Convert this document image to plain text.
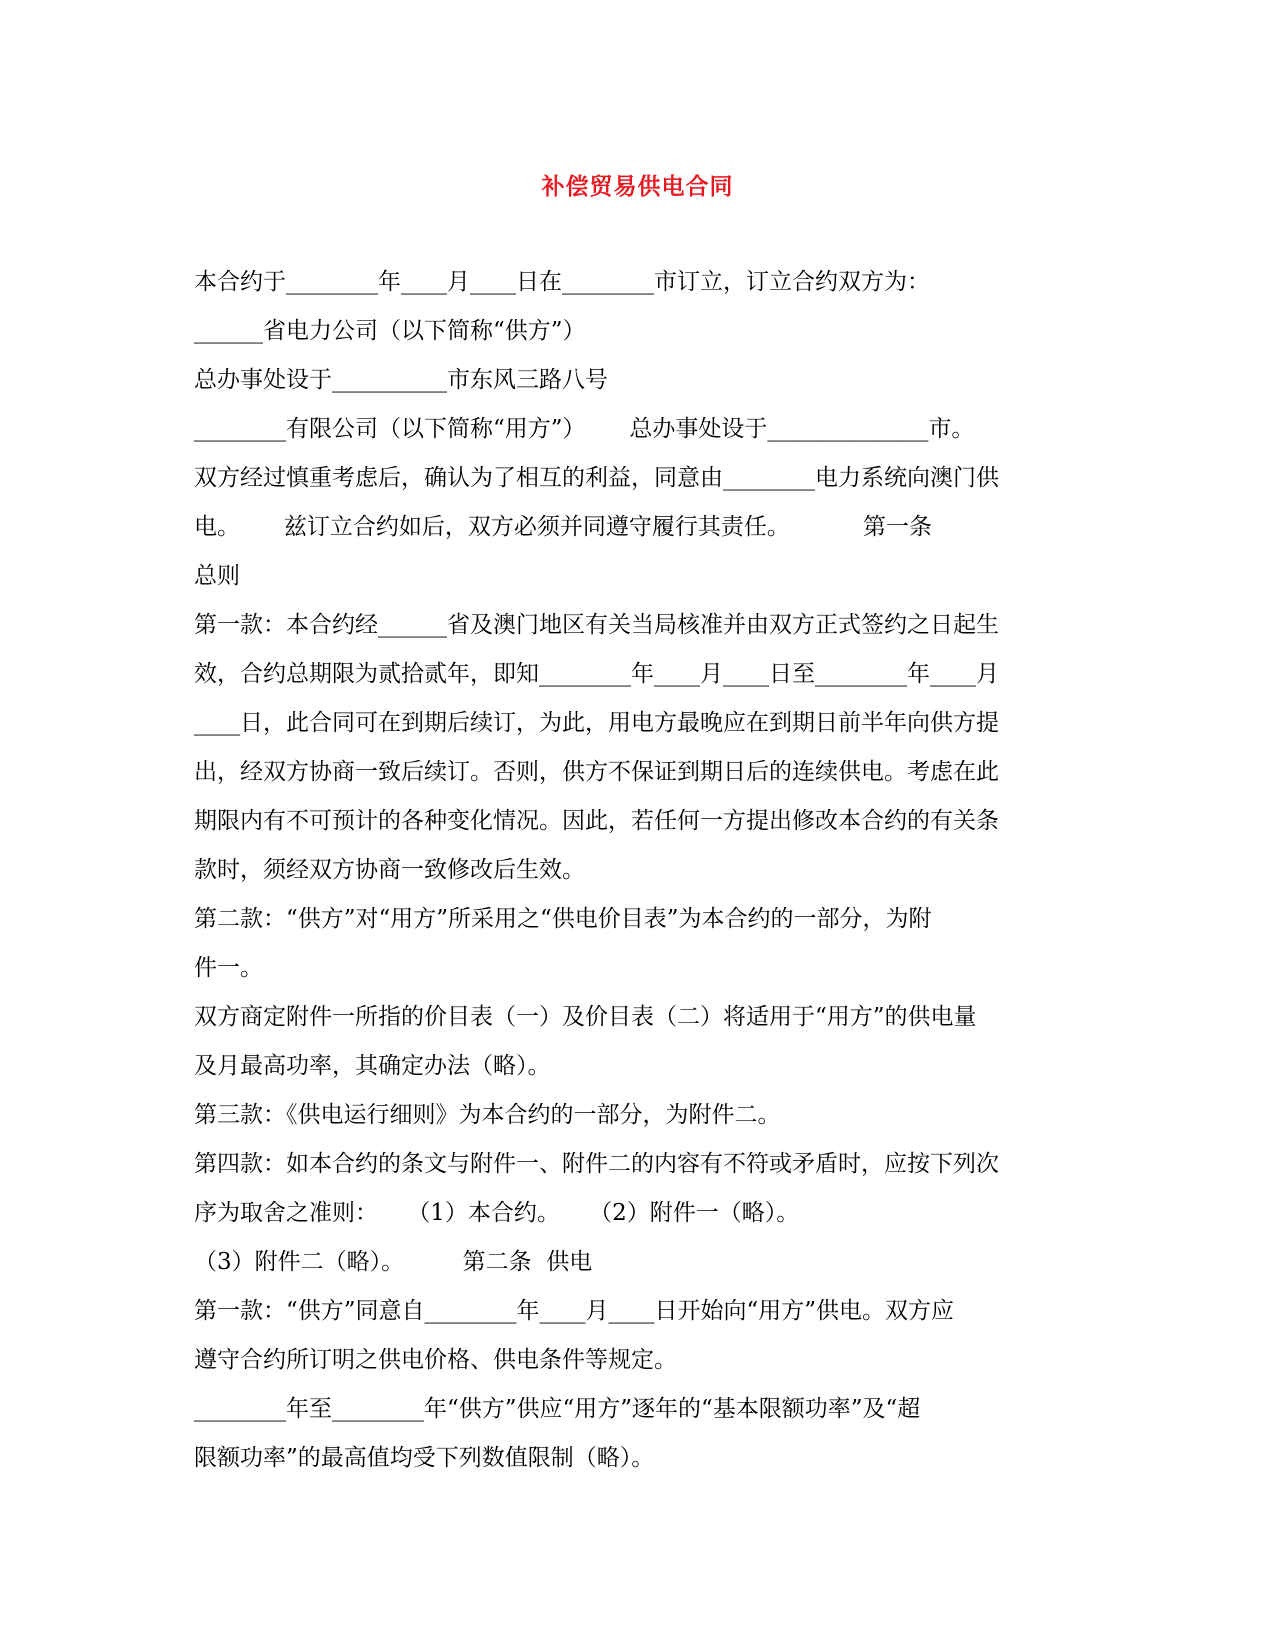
补偿贸易供电合同
本合约于________年____月____日在________市订立，订立合约双方为：
______省电力公司（以下简称“供方”）
总办事处设于__________市东风三路八号
________有限公司（以下简称“用方”）      总办事处设于______________市。
双方经过慎重考虑后，确认为了相互的利益，同意由________电力系统向澳门供
电。      兹订立合约如后，双方必须并同遵守履行其责任。          第一条
总则
第一款：本合约经______省及澳门地区有关当局核准并由双方正式签约之日起生
效，合约总期限为贰拾贰年，即知________年____月____日至________年____月
____日，此合同可在到期后续订，为此，用电方最晚应在到期日前半年向供方提
出，经双方协商一致后续订。否则，供方不保证到期日后的连续供电。考虑在此
期限内有不可预计的各种变化情况。因此，若任何一方提出修改本合约的有关条
款时，须经双方协商一致修改后生效。
第二款：“供方”对“用方”所采用之“供电价目表”为本合约的一部分，为附
件一。
双方商定附件一所指的价目表（一）及价目表（二）将适用于“用方”的供电量
及月最高功率，其确定办法（略）。
第三款：《供电运行细则》为本合约的一部分，为附件二。
第四款：如本合约的条文与附件一、附件二的内容有不符或矛盾时，应按下列次
序为取舍之准则：    （1）本合约。    （2）附件一（略）。
（3）附件二（略）。        第二条  供电
第一款：“供方”同意自________年____月____日开始向“用方”供电。双方应
遵守合约所订明之供电价格、供电条件等规定。
________年至________年“供方”供应“用方”逐年的“基本限额功率”及“超
限额功率”的最高值均受下列数值限制（略）。
